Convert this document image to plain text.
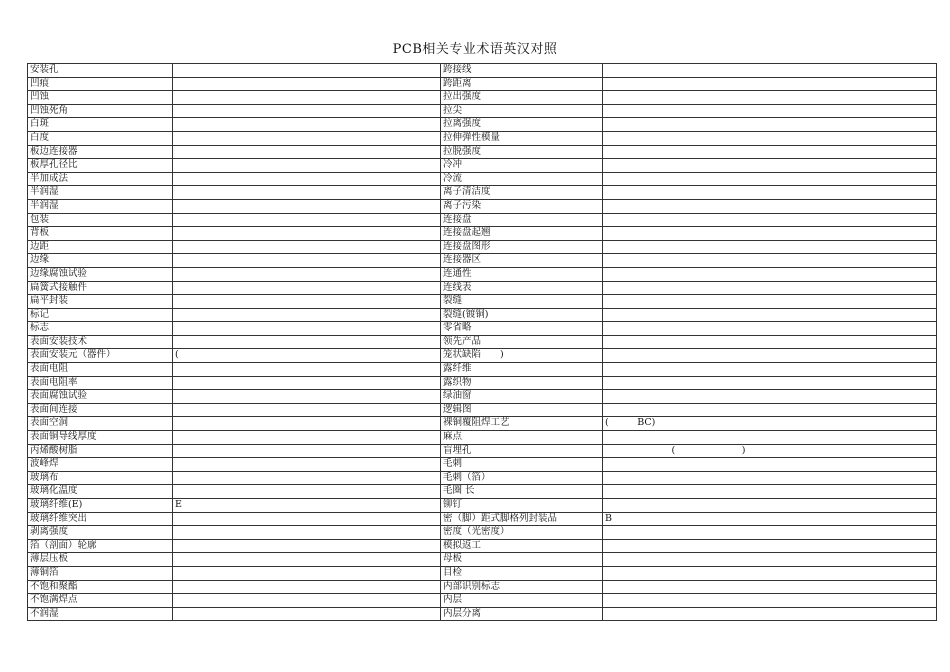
PCB相关专业术语英汉对照
安装孔		跨接线	
凹痕		跨距离	
凹蚀		拉出强度	
凹蚀死角		拉尖	
白斑		拉离强度	
白度		拉伸弹性模量	
板边连接器		拉脱强度	
板厚孔径比		冷冲	
半加成法		冷流	
半润湿		离子清洁度	
半润湿		离子污染	
包装		连接盘	
背板		连接盘起翘	
边距		连接盘图形	
边缘		连接器区	
边缘腐蚀试验		连通性	
扁簧式接触件		连线表	
扁平封装		裂缝	
标记		裂缝(镀铜)	
标志		零省略	
表面安装技术		领先产品	
表面安装元（器件）	(	笼状缺陷　　)	
表面电阻		露纤维	
表面电阻率		露织物	
表面腐蚀试验		绿油窗	
表面间连接		逻辑图	
表面空洞		裸铜覆阻焊工艺	(　　　BC)
表面铜导线厚度		麻点	
丙烯酸树脂		盲埋孔	　　　　　　　(　　　　　　　)
波峰焊		毛刺	
玻璃布		毛刺（箔）	
玻璃化温度		毛圈 长	
玻璃纤维(E)	E	铆钉	
玻璃纤维突出		密（脚）距式脚格列封装品	B
剥离强度		密度（光密度）	
箔（剖面）轮廓		模拟返工	
薄层压板		母板	
薄铜箔		目检	
不饱和聚酯		内部识别标志	
不饱满焊点		内层	
不润湿		内层分离	
